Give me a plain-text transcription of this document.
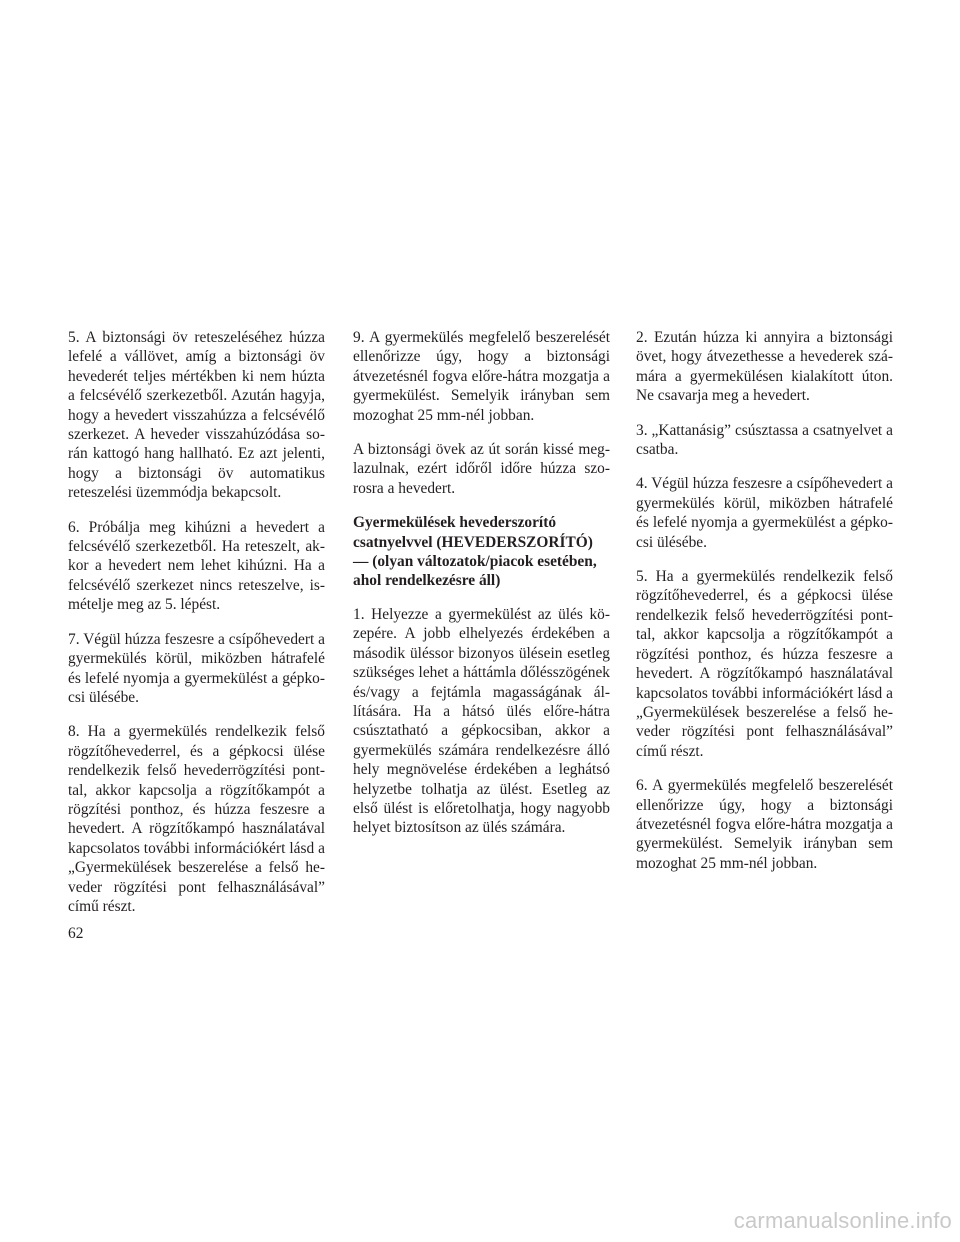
5. A biztonsági öv reteszeléséhez húzza lefelé a vállövet, amíg a biztonsági öv hevederét teljes mértékben ki nem húzta a felcsévélő szerkezetből. Azután hagyja, hogy a hevedert visszahúzza a felcsévélő szerkezet. A heveder visszahúzódása során kattogó hang hallható. Ez azt jelenti, hogy a biztonsági öv automatikus reteszelési üzemmódja bekapcsolt.

6. Próbálja meg kihúzni a hevedert a felcsévélő szerkezetből. Ha reteszelt, akkor a hevedert nem lehet kihúzni. Ha a felcsévélő szerkezet nincs reteszelve, ismételje meg az 5. lépést.

7. Végül húzza feszesre a csípőhevedert a gyermekülés körül, miközben hátrafelé és lefelé nyomja a gyermekülést a gépkocsi ülésébe.

8. Ha a gyermekülés rendelkezik felső rögzítőhevederrel, és a gépkocsi ülése rendelkezik felső hevederrögzítési ponttal, akkor kapcsolja a rögzítőkampót a rögzítési ponthoz, és húzza feszesre a hevedert. A rögzítőkampó használatával kapcsolatos további információkért lásd a „Gyermekülések beszerelése a felső heveder rögzítési pont felhasználásával” című részt.

9. A gyermekülés megfelelő beszerelését ellenőrizze úgy, hogy a biztonsági átvezetésnél fogva előre-hátra mozgatja a gyermekülést. Semelyik irányban sem mozoghat 25 mm-nél jobban.

A biztonsági övek az út során kissé meglazulnak, ezért időről időre húzza szorosra a hevedert.

Gyermekülések hevederszorító csatnyelvvel (HEVEDERSZORÍTÓ) — (olyan változatok/piacok esetében, ahol rendelkezésre áll)

1. Helyezze a gyermekülést az ülés közepére. A jobb elhelyezés érdekében a második üléssor bizonyos ülésein esetleg szükséges lehet a háttámla dőlésszögének és/vagy a fejtámla magasságának állítására. Ha a hátsó ülés előre-hátra csúsztatható a gépkocsiban, akkor a gyermekülés számára rendelkezésre álló hely megnövelése érdekében a leghátsó helyzetbe tolhatja az ülést. Esetleg az első ülést is előretolhatja, hogy nagyobb helyet biztosítson az ülés számára.

2. Ezután húzza ki annyira a biztonsági övet, hogy átvezethesse a hevederek számára a gyermekülésen kialakított úton. Ne csavarja meg a hevedert.

3. „Kattanásig” csúsztassa a csatnyelvet a csatba.

4. Végül húzza feszesre a csípőhevedert a gyermekülés körül, miközben hátrafelé és lefelé nyomja a gyermekülést a gépkocsi ülésébe.

5. Ha a gyermekülés rendelkezik felső rögzítőhevederrel, és a gépkocsi ülése rendelkezik felső hevederrögzítési ponttal, akkor kapcsolja a rögzítőkampót a rögzítési ponthoz, és húzza feszesre a hevedert. A rögzítőkampó használatával kapcsolatos további információkért lásd a „Gyermekülések beszerelése a felső heveder rögzítési pont felhasználásával” című részt.

6. A gyermekülés megfelelő beszerelését ellenőrizze úgy, hogy a biztonsági átvezetésnél fogva előre-hátra mozgatja a gyermekülést. Semelyik irányban sem mozoghat 25 mm-nél jobban.

62
carmanualsonline.info
